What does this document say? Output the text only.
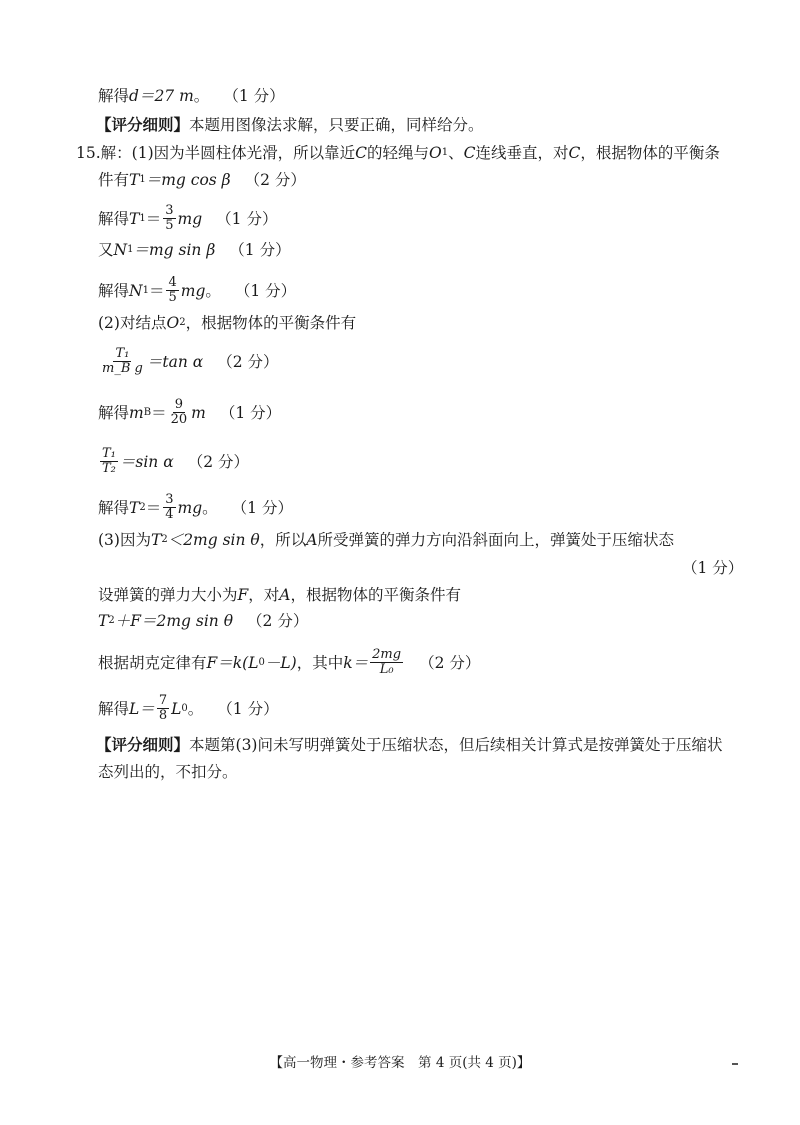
解得 d＝27 m 。 （1 分）
【评分细则】 本题用图像法求解，只要正确，同样给分。
15. 解：(1)因为半圆柱体光滑，所以靠近 C 的轻绳与 O 1 、 C 连线垂直，对 C ，根据物体的平衡条
件有 T 1 ＝mg cos β （2 分）
解得 T $1 = \frac{3}{5}$ mg （1 分）
又 N 1 ＝mg sin β （1 分）
解得 N $1 = \frac{4}{5}$ mg 。 （1 分）
(2)对结点 O 2 ，根据物体的平衡条件有
$\frac{\text{T₁}}{\text{m\_B g}} =\tan$ α （2 分）
解得 m $B = \frac{9}{20}$ m （1 分）
$\frac{\text{T₁}}{\text{T₂}} =\sin$ α （2 分）
解得 T $2 = \frac{3}{4}$ mg 。 （1 分）
(3)因为 T 2 ＜2mg sin θ ，所以 A 所受弹簧的弹力方向沿斜面向上，弹簧处于压缩状态
（1 分）
设弹簧的弹力大小为 F ，对 A ，根据物体的平衡条件有
T 2 ＋F＝2mg sin θ （2 分）
根据胡克定律有 F＝k(L 0 －L) ，其中 $k= \frac{2mg}{\text{L₀}} (2$ 分）
解得 $L= \frac{7}{8}$ L 0 。 （1 分）
【评分细则】 本题第(3)问未写明弹簧处于压缩状态，但后续相关计算式是按弹簧处于压缩状
态列出的，不扣分。
【高一物理・参考答案　第 4 页(共 4 页)】
